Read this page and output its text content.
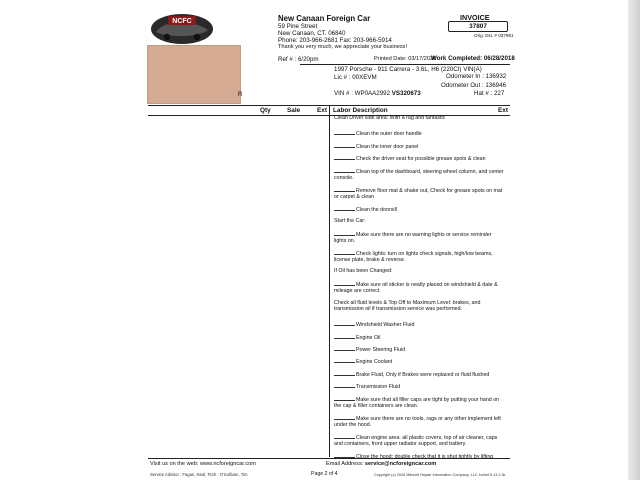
NCFC	New Canaan Foreign Car
59 Pine Street
New Canaan, CT. 06840
Phone: 203-966-2681 Fax: 203-966-5914
Thank you very much, we appreciate your business!
INVOICE
37807
Orig. Est. # 037961
Ref # : 6/20pm	Printed Date: 03/17/2026
Work Completed: 06/28/2018
1997 Porsche - 911 Carrera - 3.6L, H6 (220CI) VIN(A)
Lic # : 00XEVM	Odometer In : 136932
Odometer Out : 136946
VIN # : WP0AA2992 VS320673	Hat # : 227
R
Qty	Sale	Ext Labor Description	Ext
Clean Driver side area: With a rag and fantastic
Clean the outer door handle
Clean the inner door panel
Check the driver seat for possible grease spots & clean
Clean top of the dashboard, steering wheel column, and center console.
Remove floor mat & shake out, Check for grease spots on mat or carpet & clean
Clean the doorsill
Start the Car:
Make sure there are no warning lights or service reminder lights on.
Check lights: turn on lights check signals, high/low beams, license plate, brake & reverse.
If Oil has been Changed:
Make sure oil sticker is neatly placed on windshield & date & mileage are correct.
Check all fluid levels & Top Off to Maximum Level: brakes, and transmission oil if transmission service was performed.
Windshield Washer Fluid
Engine Oil
Power Steering Fluid
Engine Coolant
Brake Fluid, Only if Brakes were replaced or fluid flushed
Transmission Fluid
Make sure that all filler caps are tight by putting your hand on the cap & filler containers are clean.
Make sure there are no tools, rags or any other implement left under the hood.
Clean engine area: all plastic covers, top of air cleaner, caps and containers, front upper radiator support, and battery.
Close the hood; double check that it is shut tightly by lifting
Visit us on the web: www.ncforeigncar.com	Email Address: service@ncforeigncar.com
Service Advisor : Fagan, Neal, Tech : O'Sullivan, Tim	Page 2 of 4	Copyright (c) 2026 Mitchell Repair Information Company, LLC Invfmt 5.13.2 Nr
